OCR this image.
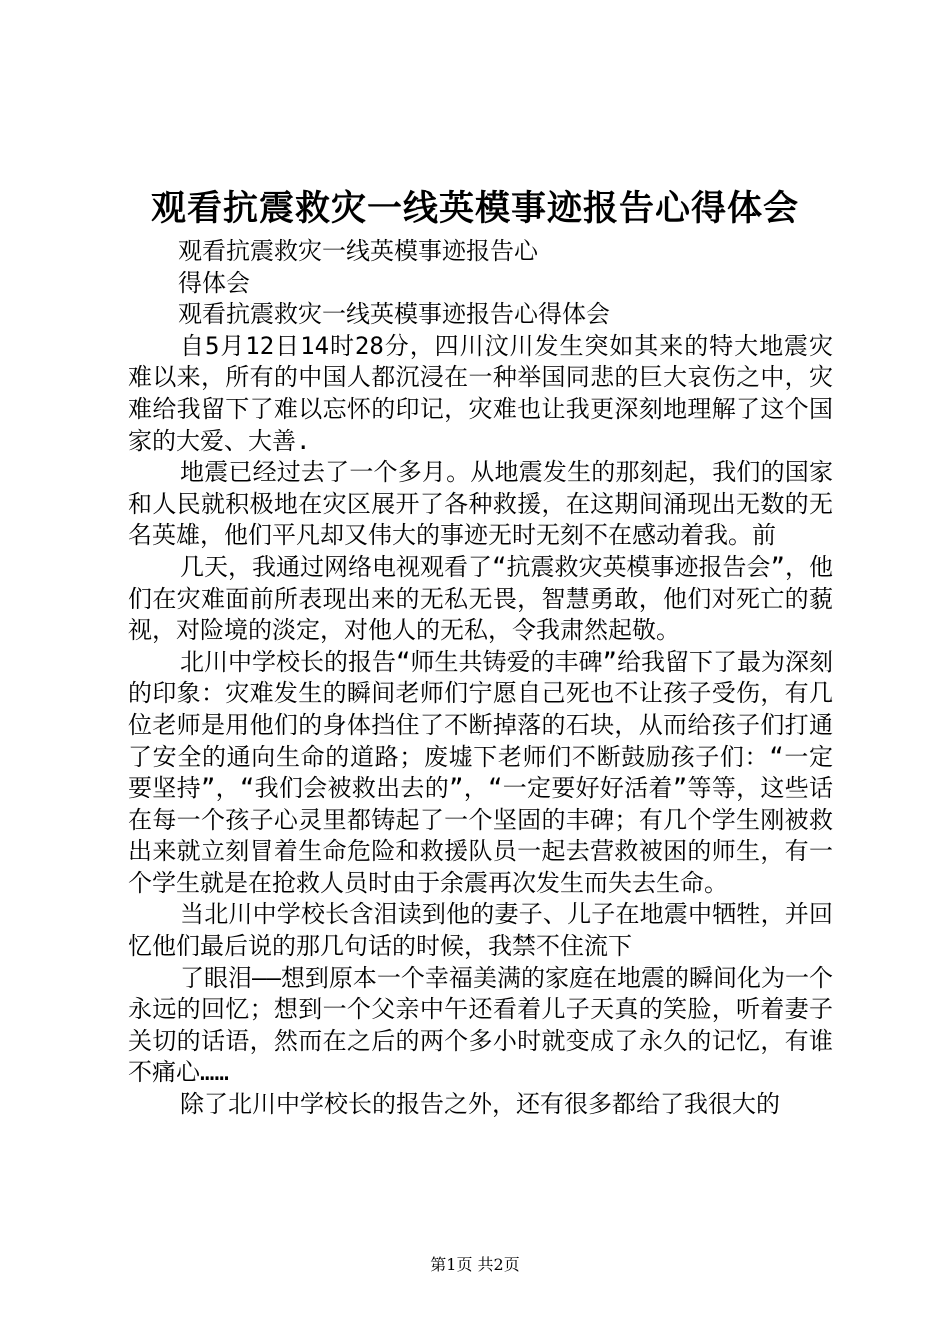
观看抗震救灾一线英模事迹报告心得体会

观看抗震救灾一线英模事迹报告心

得体会

观看抗震救灾一线英模事迹报告心得体会

自5月12日14时28分，四川汶川发生突如其来的特大地震灾难以来，所有的中国人都沉浸在一种举国同悲的巨大哀伤之中，灾难给我留下了难以忘怀的印记，灾难也让我更深刻地理解了这个国家的大爱、大善.

地震已经过去了一个多月。从地震发生的那刻起，我们的国家和人民就积极地在灾区展开了各种救援，在这期间涌现出无数的无名英雄，他们平凡却又伟大的事迹无时无刻不在感动着我。前

几天，我通过网络电视观看了“抗震救灾英模事迹报告会”，他们在灾难面前所表现出来的无私无畏，智慧勇敢，他们对死亡的藐视，对险境的淡定，对他人的无私，令我肃然起敬。

北川中学校长的报告“师生共铸爱的丰碑”给我留下了最为深刻的印象：灾难发生的瞬间老师们宁愿自己死也不让孩子受伤，有几位老师是用他们的身体挡住了不断掉落的石块，从而给孩子们打通了安全的通向生命的道路；废墟下老师们不断鼓励孩子们：“一定要坚持”，“我们会被救出去的”，“一定要好好活着”等等，这些话在每一个孩子心灵里都铸起了一个坚固的丰碑；有几个学生刚被救出来就立刻冒着生命危险和救援队员一起去营救被困的师生，有一个学生就是在抢救人员时由于余震再次发生而失去生命。

当北川中学校长含泪读到他的妻子、儿子在地震中牺牲，并回忆他们最后说的那几句话的时候，我禁不住流下

了眼泪——想到原本一个幸福美满的家庭在地震的瞬间化为一个永远的回忆；想到一个父亲中午还看着儿子天真的笑脸，听着妻子关切的话语，然而在之后的两个多小时就变成了永久的记忆，有谁不痛心……

除了北川中学校长的报告之外，还有很多都给了我很大的

第1页 共2页
